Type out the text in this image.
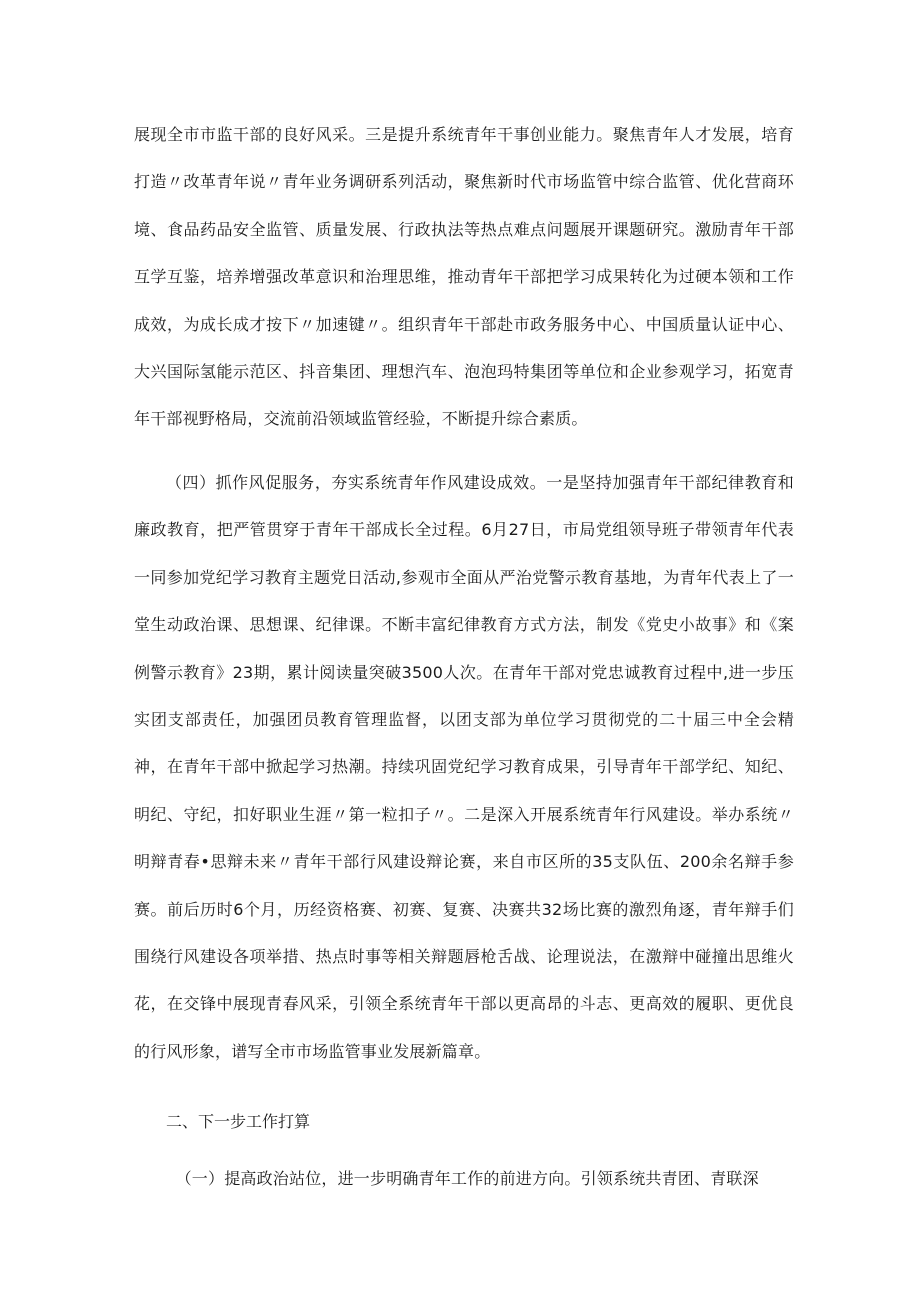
展现全市市监干部的良好风采。三是提升系统青年干事创业能力。聚焦青年人才发展，培育打造〃改革青年说〃青年业务调研系列活动，聚焦新时代市场监管中综合监管、优化营商环境、食品药品安全监管、质量发展、行政执法等热点难点问题展开课题研究。激励青年干部互学互鉴，培养增强改革意识和治理思维，推动青年干部把学习成果转化为过硬本领和工作成效，为成长成才按下〃加速键〃。组织青年干部赴市政务服务中心、中国质量认证中心、大兴国际氢能示范区、抖音集团、理想汽车、泡泡玛特集团等单位和企业参观学习，拓宽青年干部视野格局，交流前沿领域监管经验，不断提升综合素质。

（四）抓作风促服务，夯实系统青年作风建设成效。一是坚持加强青年干部纪律教育和廉政教育，把严管贯穿于青年干部成长全过程。6月27日，市局党组领导班子带领青年代表一同参加党纪学习教育主题党日活动,参观市全面从严治党警示教育基地，为青年代表上了一堂生动政治课、思想课、纪律课。不断丰富纪律教育方式方法，制发《党史小故事》和《案例警示教育》23期，累计阅读量突破3500人次。在青年干部对党忠诚教育过程中,进一步压实团支部责任，加强团员教育管理监督，以团支部为单位学习贯彻党的二十届三中全会精神，在青年干部中掀起学习热潮。持续巩固党纪学习教育成果，引导青年干部学纪、知纪、明纪、守纪，扣好职业生涯〃第一粒扣子〃。二是深入开展系统青年行风建设。举办系统〃明辩青春•思辩未来〃青年干部行风建设辩论赛，来自市区所的35支队伍、200余名辩手参赛。前后历时6个月，历经资格赛、初赛、复赛、决赛共32场比赛的激烈角逐，青年辩手们围绕行风建设各项举措、热点时事等相关辩题唇枪舌战、论理说法，在激辩中碰撞出思维火花，在交锋中展现青春风采，引领全系统青年干部以更高昂的斗志、更高效的履职、更优良的行风形象，谱写全市市场监管事业发展新篇章。

二、下一步工作打算

（一）提高政治站位，进一步明确青年工作的前进方向。引领系统共青团、青联深
